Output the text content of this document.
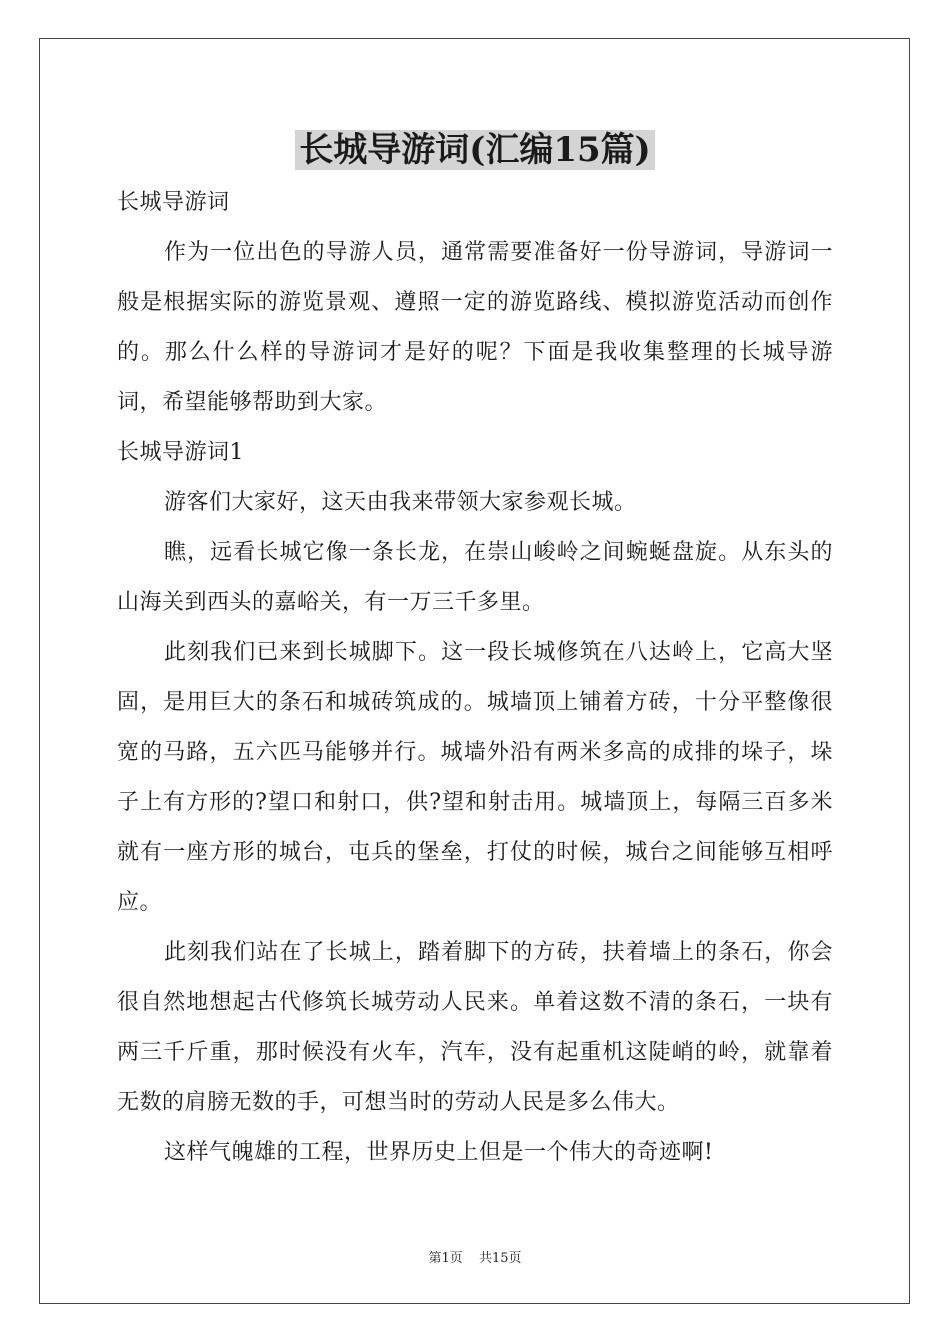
长城导游词(汇编15篇)

长城导游词

作为一位出色的导游人员，通常需要准备好一份导游词，导游词一般是根据实际的游览景观、遵照一定的游览路线、模拟游览活动而创作的。那么什么样的导游词才是好的呢？下面是我收集整理的长城导游词，希望能够帮助到大家。

长城导游词1

游客们大家好，这天由我来带领大家参观长城。

瞧，远看长城它像一条长龙，在崇山峻岭之间蜿蜒盘旋。从东头的山海关到西头的嘉峪关，有一万三千多里。

此刻我们已来到长城脚下。这一段长城修筑在八达岭上，它高大坚固，是用巨大的条石和城砖筑成的。城墙顶上铺着方砖，十分平整像很宽的马路，五六匹马能够并行。城墙外沿有两米多高的成排的垛子，垛子上有方形的?望口和射口，供?望和射击用。城墙顶上，每隔三百多米就有一座方形的城台，屯兵的堡垒，打仗的时候，城台之间能够互相呼应。

此刻我们站在了长城上，踏着脚下的方砖，扶着墙上的条石，你会很自然地想起古代修筑长城劳动人民来。单着这数不清的条石，一块有两三千斤重，那时候没有火车，汽车，没有起重机这陡峭的岭，就靠着无数的肩膀无数的手，可想当时的劳动人民是多么伟大。

这样气魄雄的工程，世界历史上但是一个伟大的奇迹啊!

第1页 共15页
